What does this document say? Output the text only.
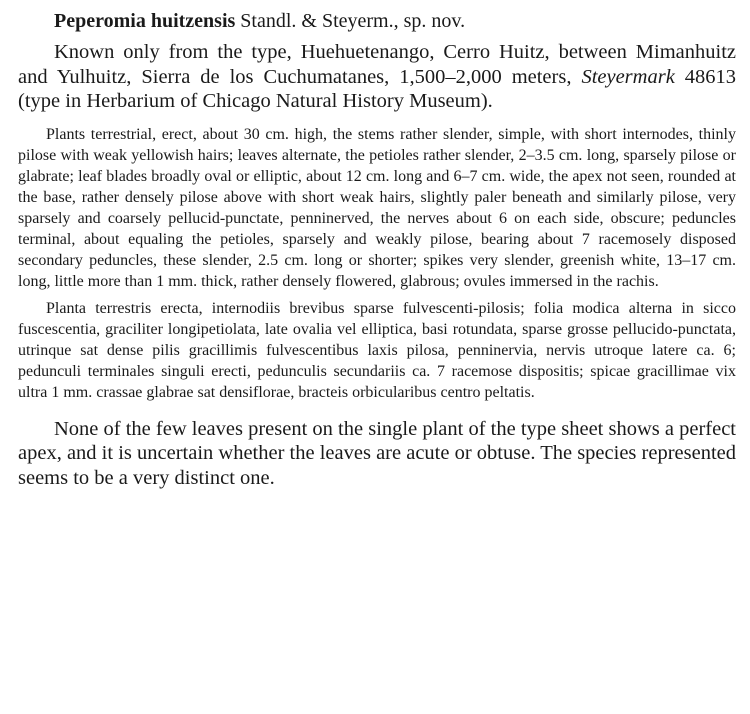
Peperomia huitzensis Standl. & Steyerm., sp. nov.

Known only from the type, Huehuetenango, Cerro Huitz, between Mimanhuitz and Yulhuitz, Sierra de los Cuchumatanes, 1,500–2,000 meters, Steyermark 48613 (type in Herbarium of Chicago Natural History Museum).

Plants terrestrial, erect, about 30 cm. high, the stems rather slender, simple, with short internodes, thinly pilose with weak yellowish hairs; leaves alternate, the petioles rather slender, 2–3.5 cm. long, sparsely pilose or glabrate; leaf blades broadly oval or elliptic, about 12 cm. long and 6–7 cm. wide, the apex not seen, rounded at the base, rather densely pilose above with short weak hairs, slightly paler beneath and similarly pilose, very sparsely and coarsely pellucid-punctate, penninerved, the nerves about 6 on each side, obscure; peduncles terminal, about equaling the petioles, sparsely and weakly pilose, bearing about 7 racemosely disposed secondary peduncles, these slender, 2.5 cm. long or shorter; spikes very slender, greenish white, 13–17 cm. long, little more than 1 mm. thick, rather densely flowered, glabrous; ovules immersed in the rachis.

Planta terrestris erecta, internodiis brevibus sparse fulvescenti-pilosis; folia modica alterna in sicco fuscescentia, graciliter longipetiolata, late ovalia vel elliptica, basi rotundata, sparse grosse pellucido-punctata, utrinque sat dense pilis gracillimis fulvescentibus laxis pilosa, penninervia, nervis utroque latere ca. 6; pedunculi terminales singuli erecti, pedunculis secundariis ca. 7 racemose dispositis; spicae gracillimae vix ultra 1 mm. crassae glabrae sat densiflorae, bracteis orbicularibus centro peltatis.

None of the few leaves present on the single plant of the type sheet shows a perfect apex, and it is uncertain whether the leaves are acute or obtuse. The species represented seems to be a very distinct one.
